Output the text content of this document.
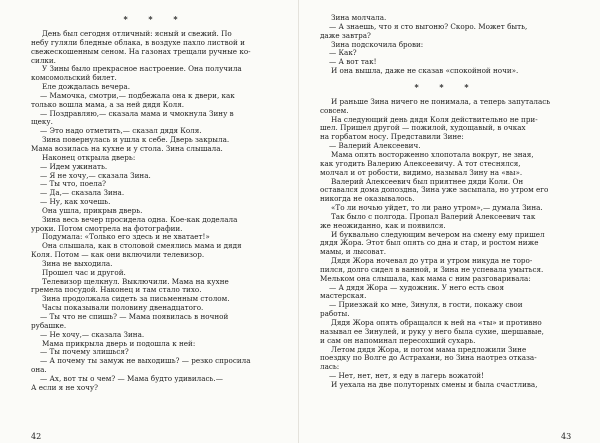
* * *
День был сегодня отличный: ясный и свежий. По
небу гуляли бледные облака, в воздухе пахло листвой и
свежескошенным сеном. На газонах трещали ручные ко-
силки.
У Зины было прекрасное настроение. Она получила
комсомольский билет.
Еле дождалась вечера.
— Мамочка, смотри,— подбежала она к двери, как
только вошла мама, а за ней дядя Коля.
— Поздравляю,— сказала мама и чмокнула Зину в
щеку.
— Это надо отметить,— сказал дядя Коля.
Зина повернулась и ушла к себе. Дверь закрыла.
Мама возилась на кухне и у стола. Зина слышала.
Наконец открыла дверь:
— Идем ужинать.
— Я не хочу,— сказала Зина.
— Ты что, поела?
— Да,— сказала Зина.
— Ну, как хочешь.
Она ушла, прикрыв дверь.
Зина весь вечер просидела одна. Кое-как доделала
уроки. Потом смотрела на фотографии.
Подумала: «Только его здесь и не хватает!»
Она слышала, как в столовой смеялись мама и дядя
Коля. Потом — как они включили телевизор.
Зина не выходила.
Прошел час и другой.
Телевизор щелкнул. Выключили. Мама на кухне
гремела посудой. Наконец и там стало тихо.
Зина продолжала сидеть за письменным столом.
Часы показывали половину двенадцатого.
— Ты что не спишь? — Мама появилась в ночной
рубашке.
— Не хочу,— сказала Зина.
Мама прикрыла дверь и подошла к ней:
— Ты почему злишься?
— А почему ты замуж не выходишь? — резко спросила
она.
— Ах, вот ты о чем? — Мама будто удивилась.—
А если я не хочу?
Зина молчала.
— А знаешь, что я сто выгоню? Скоро. Может быть,
даже завтра?
Зина подскочила брови:
— Как?
— А вот так!
И она вышла, даже не сказав «спокойной ночи».
* * *
И раньше Зина ничего не понимала, а теперь запуталась
совсем.
На следующий день дядя Коля действительно не при-
шел. Пришел другой — пожилой, худощавый, в очках
на горбатом носу. Представили Зине:
— Валерий Алексеевич.
Мама опять восторженно хлопотала вокруг, не зная,
как угодить Валерию Алексеевичу. А тот стеснялся,
молчал и от робости, видимо, называл Зину на «вы».
Валерий Алексеевич был приятнее дяди Коли. Он
оставался дома допоздна, Зина уже засыпала, но утром его
никогда не оказывалось.
«То ли ночью уйдет, то ли рано утром»,— думала Зина.
Так было с полгода. Пропал Валерий Алексеевич так
же неожиданно, как и появился.
И буквально следующим вечером на смену ему пришел
дядя Жора. Этот был опять со дна и стар, и ростом ниже
мамы, и лысоват.
Дядя Жора ночевал до утра и утром никуда не торо-
пился, долго сидел в ванной, и Зина не успевала умыться.
Мельком она слышала, как мама с ним разговаривала:
— А дядя Жора — художник. У него есть своя
мастерская.
— Приезжай ко мне, Зинуля, в гости, покажу свои
работы.
Дядя Жора опять обращался к ней на «ты» и противно
называл ее Зинулей, и руку у него была сухие, шершавые,
и сам он напоминал пересохший сухарь.
Летом дядя Жора, и потом мама предложили Зине
поездку по Волге до Астрахани, но Зина наотрез отказа-
лась:
— Нет, нет, нет, я еду в лагерь вожатой!
И уехала на две полуторных смены и была счастлива,
42	43
